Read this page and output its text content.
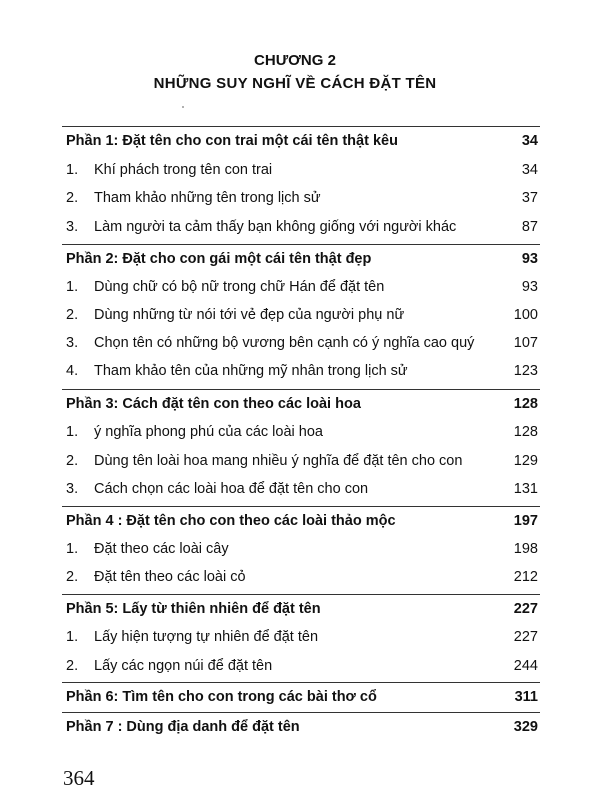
CHƯƠNG 2
NHỮNG SUY NGHĨ VỀ CÁCH ĐẶT TÊN
Phần 1: Đặt tên cho con trai một cái tên thật kêu	34
1. Khí phách trong tên con trai	34
2. Tham khảo những tên trong lịch sử	37
3. Làm người ta cảm thấy bạn không giống với người khác	87
Phần 2: Đặt cho con gái một cái tên thật đẹp	93
1. Dùng chữ có bộ nữ trong chữ Hán để đặt tên	93
2. Dùng những từ nói tới vẻ đẹp của người phụ nữ	100
3. Chọn tên có những bộ vương bên cạnh có ý nghĩa cao quý	107
4. Tham khảo tên của những mỹ nhân trong lịch sử	123
Phần 3: Cách đặt tên con theo các loài hoa	128
1. ý nghĩa phong phú của các loài hoa	128
2. Dùng tên loài hoa mang nhiều ý nghĩa để đặt tên cho con	129
3. Cách chọn các loài hoa để đặt tên cho con	131
Phần 4 : Đặt tên cho con theo các loài thảo mộc	197
1. Đặt theo các loài cây	198
2. Đặt tên theo các loài cỏ	212
Phần 5: Lấy từ thiên nhiên để đặt tên	227
1. Lấy hiện tượng tự nhiên để đặt tên	227
2. Lấy các ngọn núi để đặt tên	244
Phần 6: Tìm tên cho con trong các bài thơ cổ	311
Phần 7 : Dùng địa danh để đặt tên	329
364
